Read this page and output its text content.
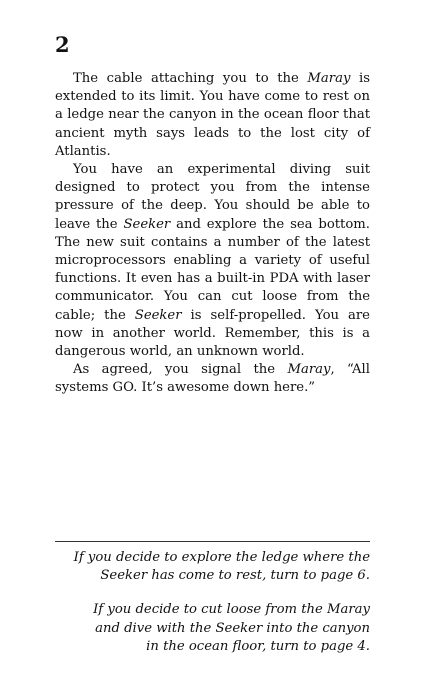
2

The cable attaching you to the Maray is extended to its limit. You have come to rest on a ledge near the canyon in the ocean floor that ancient myth says leads to the lost city of Atlantis.

You have an experimental diving suit designed to protect you from the intense pressure of the deep. You should be able to leave the Seeker and explore the sea bottom. The new suit contains a number of the latest microprocessors enabling a variety of useful functions. It even has a built-in PDA with laser communicator. You can cut loose from the cable; the Seeker is self-propelled. You are now in another world. Remember, this is a dangerous world, an unknown world.

As agreed, you signal the Maray, “All systems GO. It’s awesome down here.”

If you decide to explore the ledge where the
Seeker has come to rest, turn to page 6.
If you decide to cut loose from the Maray
and dive with the Seeker into the canyon
in the ocean floor, turn to page 4.
